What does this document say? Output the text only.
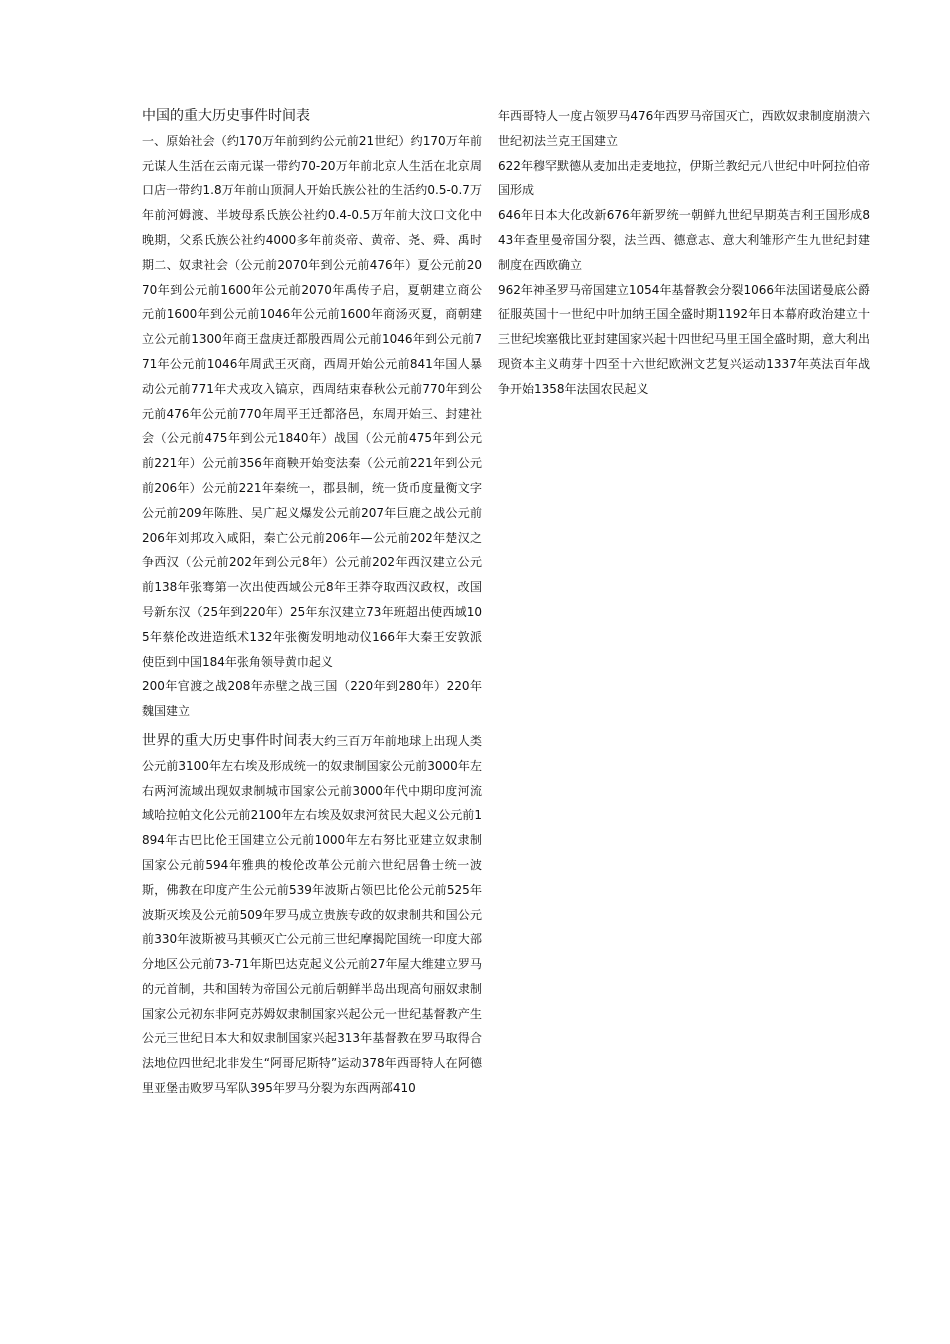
中国的重大历史事件时间表
一、原始社会（约170万年前到约公元前21世纪）约170万年前元谋人生活在云南元谋一带约70-20万年前北京人生活在北京周口店一带约1.8万年前山顶洞人开始氏族公社的生活约0.5-0.7万年前河姆渡、半坡母系氏族公社约0.4-0.5万年前大汶口文化中晚期，父系氏族公社约4000多年前炎帝、黄帝、尧、舜、禹时期二、奴隶社会（公元前2070年到公元前476年）夏公元前2070年到公元前1600年公元前2070年禹传子启，夏朝建立商公元前1600年到公元前1046年公元前1600年商汤灭夏，商朝建立公元前1300年商王盘庚迁都殷西周公元前1046年到公元前771年公元前1046年周武王灭商，西周开始公元前841年国人暴动公元前771年犬戎攻入镐京，西周结束春秋公元前770年到公元前476年公元前770年周平王迁都洛邑，东周开始三、封建社会（公元前475年到公元1840年）战国（公元前475年到公元前221年）公元前356年商鞅开始变法秦（公元前221年到公元前206年）公元前221年秦统一，郡县制，统一货币度量衡文字公元前209年陈胜、吴广起义爆发公元前207年巨鹿之战公元前206年刘邦攻入咸阳，秦亡公元前206年—公元前202年楚汉之争西汉（公元前202年到公元8年）公元前202年西汉建立公元前138年张骞第一次出使西域公元8年王莽夺取西汉政权，改国号新东汉（25年到220年）25年东汉建立73年班超出使西域105年蔡伦改进造纸术132年张衡发明地动仪166年大秦王安敦派使臣到中国184年张角领导黄巾起义

200年官渡之战208年赤壁之战三国（220年到280年）220年魏国建立

世界的重大历史事件时间表大约三百万年前地球上出现人类公元前3100年左右埃及形成统一的奴隶制国家公元前3000年左右两河流域出现奴隶制城市国家公元前3000年代中期印度河流域哈拉帕文化公元前2100年左右埃及奴隶河贫民大起义公元前1894年古巴比伦王国建立公元前1000年左右努比亚建立奴隶制国家公元前594年雅典的梭伦改革公元前六世纪居鲁士统一波斯，佛教在印度产生公元前539年波斯占领巴比伦公元前525年波斯灭埃及公元前509年罗马成立贵族专政的奴隶制共和国公元前330年波斯被马其顿灭亡公元前三世纪摩揭陀国统一印度大部分地区公元前73-71年斯巴达克起义公元前27年屋大维建立罗马的元首制，共和国转为帝国公元前后朝鲜半岛出现高句丽奴隶制国家公元初东非阿克苏姆奴隶制国家兴起公元一世纪基督教产生公元三世纪日本大和奴隶制国家兴起313年基督教在罗马取得合法地位四世纪北非发生“阿哥尼斯特”运动378年西哥特人在阿德里亚堡击败罗马军队395年罗马分裂为东西两部410

年西哥特人一度占领罗马476年西罗马帝国灭亡，西欧奴隶制度崩溃六世纪初法兰克王国建立

622年穆罕默德从麦加出走麦地拉，伊斯兰教纪元八世纪中叶阿拉伯帝国形成

646年日本大化改新676年新罗统一朝鲜九世纪早期英吉利王国形成843年查里曼帝国分裂，法兰西、德意志、意大利雏形产生九世纪封建制度在西欧确立

962年神圣罗马帝国建立1054年基督教会分裂1066年法国诺曼底公爵征服英国十一世纪中叶加纳王国全盛时期1192年日本幕府政治建立十三世纪埃塞俄比亚封建国家兴起十四世纪马里王国全盛时期，意大利出现资本主义萌芽十四至十六世纪欧洲文艺复兴运动1337年英法百年战争开始1358年法国农民起义
